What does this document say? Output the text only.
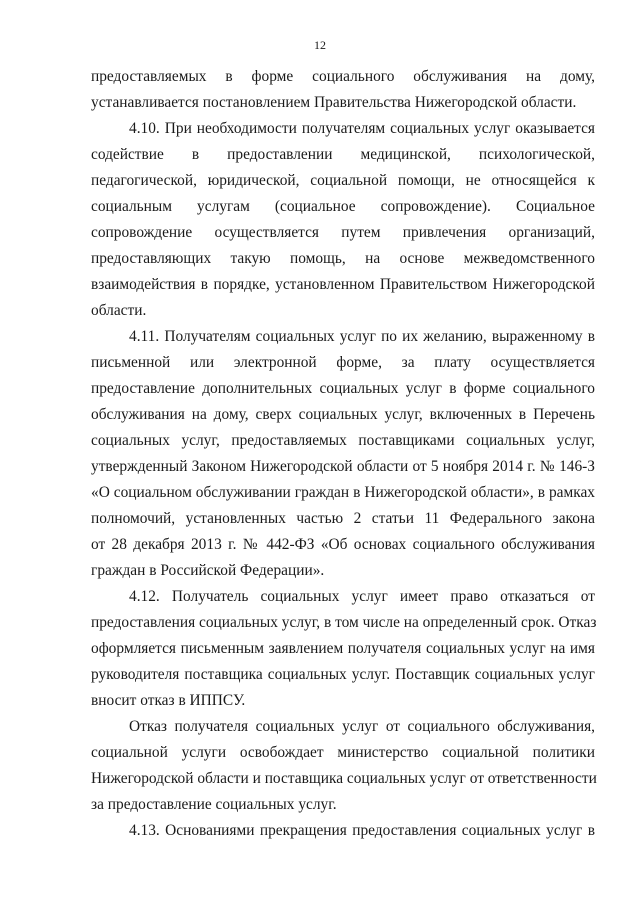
12
предоставляемых в форме социального обслуживания на дому,
устанавливается постановлением Правительства Нижегородской области.
4.10. При необходимости получателям социальных услуг оказывается
содействие в предоставлении медицинской, психологической,
педагогической, юридической, социальной помощи, не относящейся к
социальным услугам (социальное сопровождение). Социальное
сопровождение осуществляется путем привлечения организаций,
предоставляющих такую помощь, на основе межведомственного
взаимодействия в порядке, установленном Правительством Нижегородской
области.
4.11. Получателям социальных услуг по их желанию, выраженному в
письменной или электронной форме, за плату осуществляется
предоставление дополнительных социальных услуг в форме социального
обслуживания на дому, сверх социальных услуг, включенных в Перечень
социальных услуг, предоставляемых поставщиками социальных услуг,
утвержденный Законом Нижегородской области от 5 ноября 2014 г. № 146-З
«О социальном обслуживании граждан в Нижегородской области», в рамках
полномочий, установленных частью 2 статьи 11 Федерального закона
от 28 декабря 2013 г. № 442-ФЗ «Об основах социального обслуживания
граждан в Российской Федерации».
4.12. Получатель социальных услуг имеет право отказаться от
предоставления социальных услуг, в том числе на определенный срок. Отказ
оформляется письменным заявлением получателя социальных услуг на имя
руководителя поставщика социальных услуг. Поставщик социальных услуг
вносит отказ в ИППСУ.
Отказ получателя социальных услуг от социального обслуживания,
социальной услуги освобождает министерство социальной политики
Нижегородской области и поставщика социальных услуг от ответственности
за предоставление социальных услуг.
4.13. Основаниями прекращения предоставления социальных услуг в
